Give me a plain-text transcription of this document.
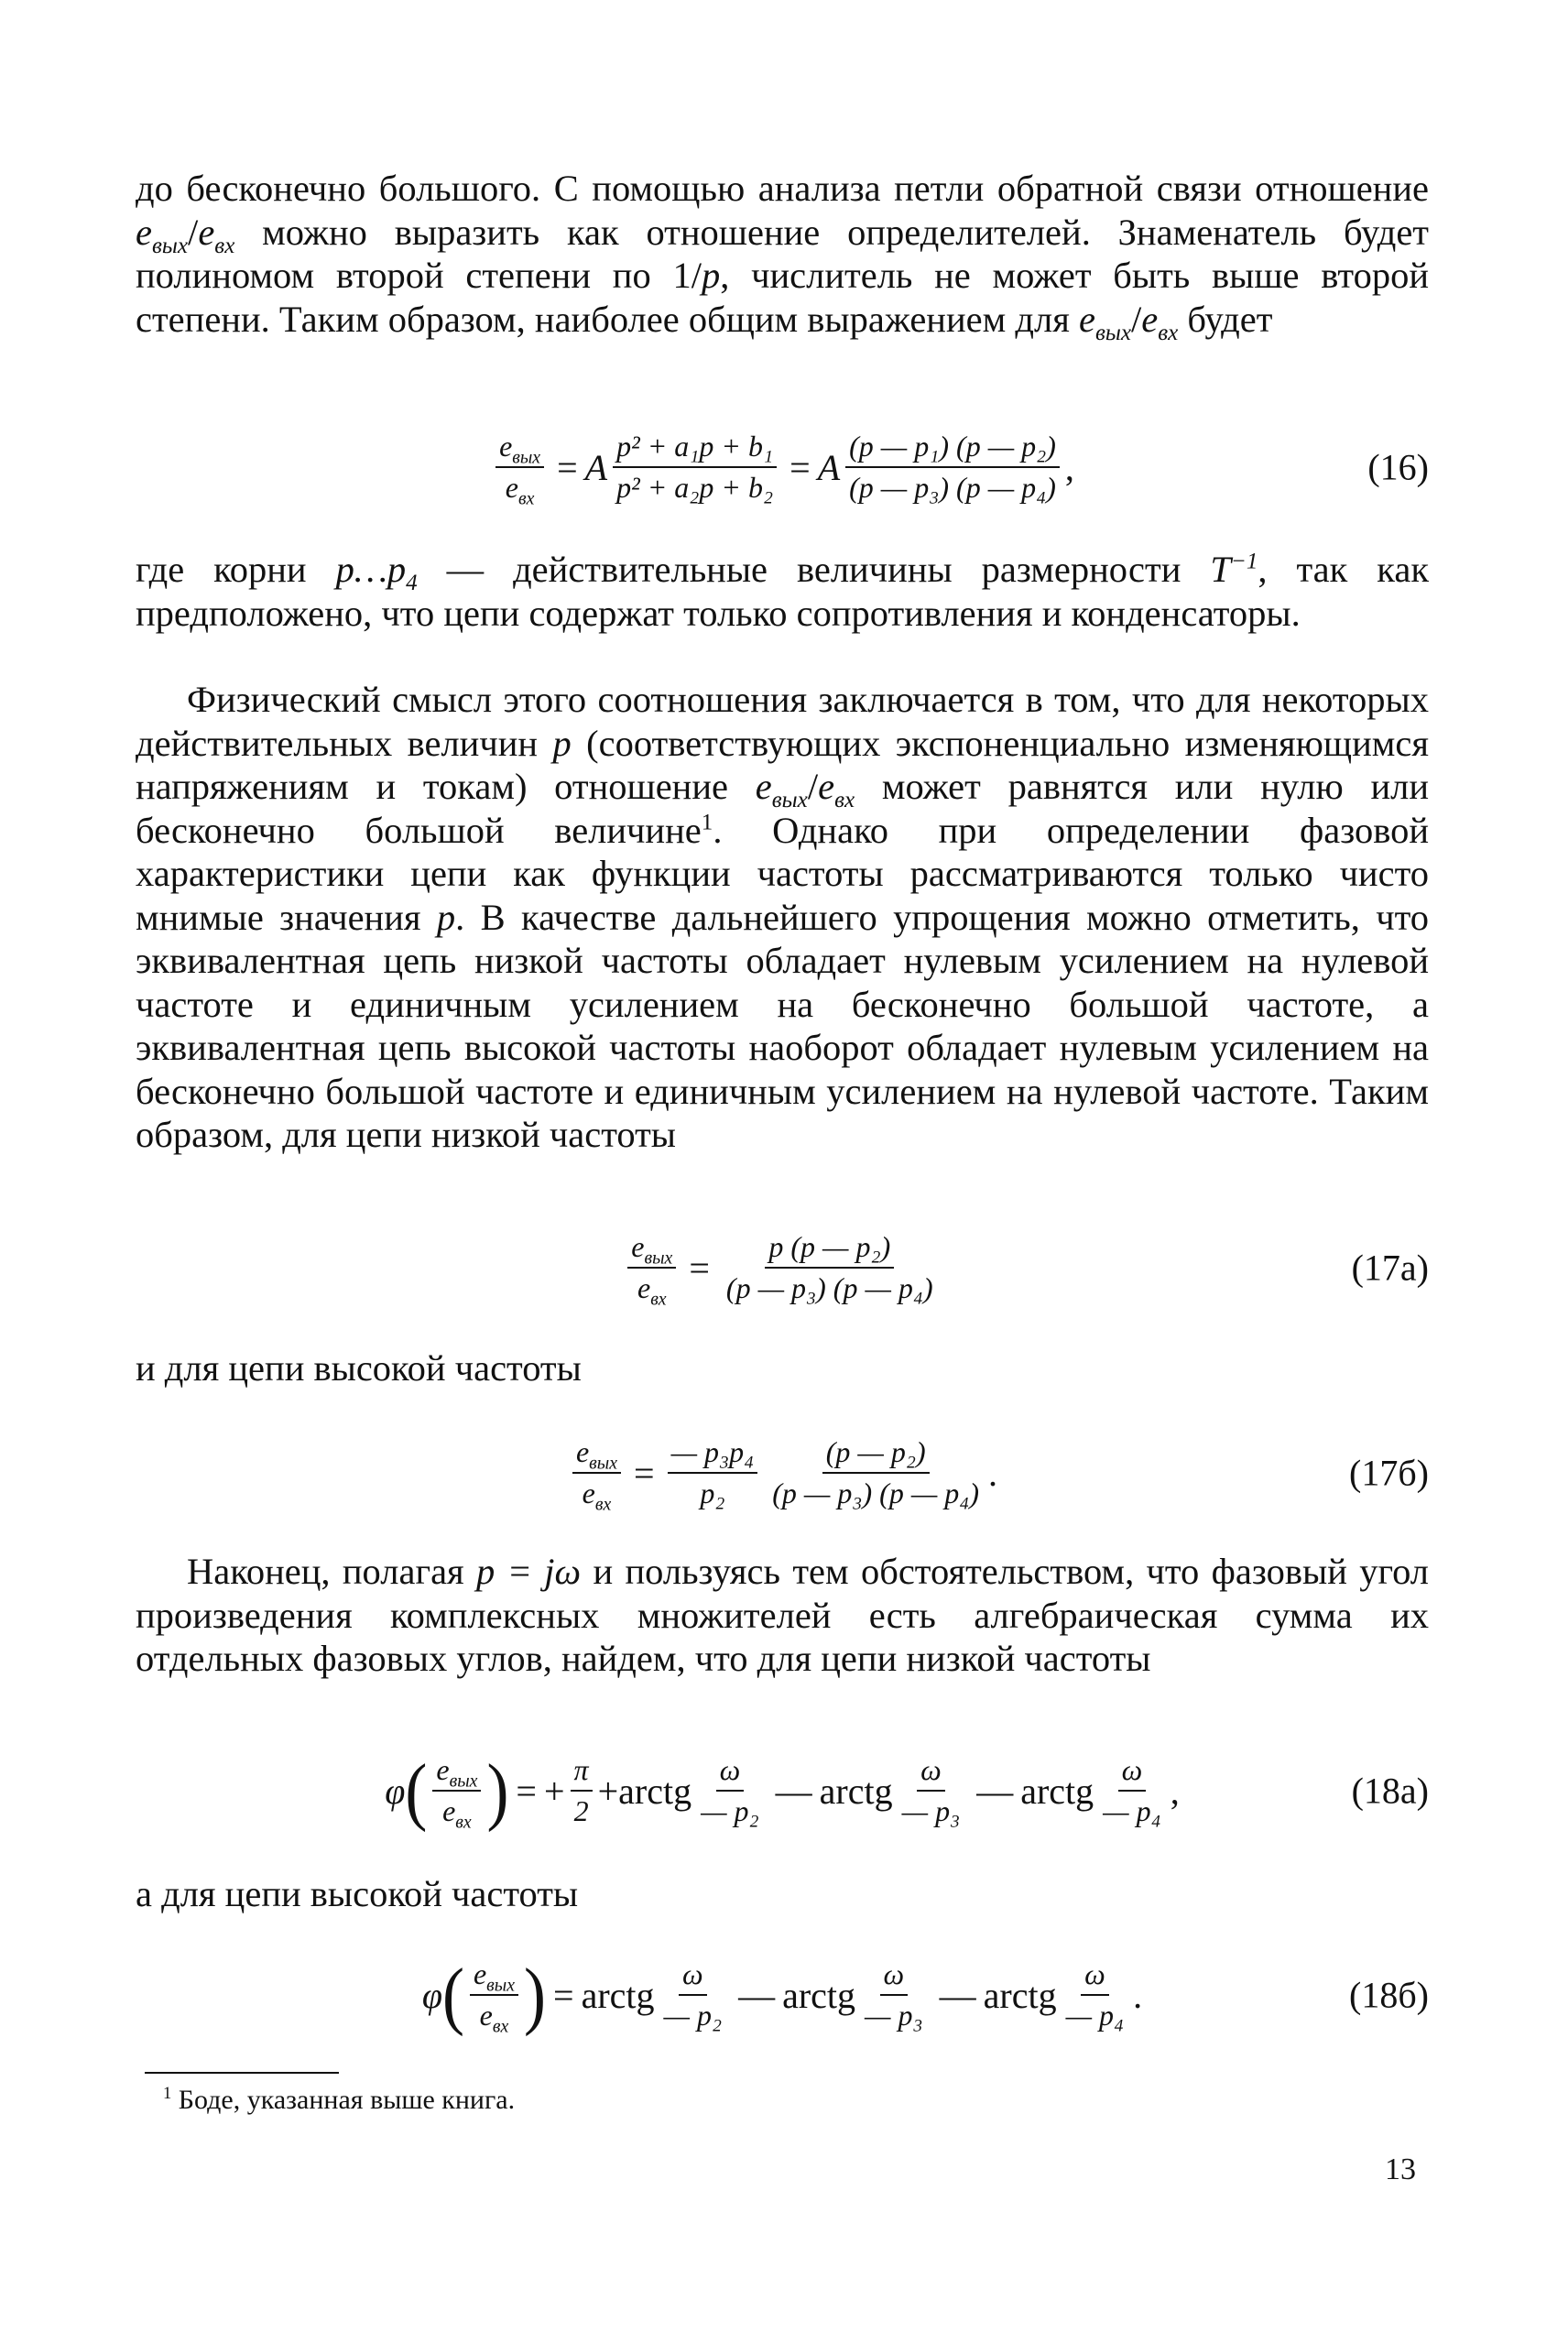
до бесконечно большого. С помощью анализа петли обратной связи отношение $e_{вых}/e_{вх}$ можно выразить как отношение определителей. Знаменатель будет полиномом второй степени по 1/p, числитель не может быть выше второй степени. Таким образом, наиболее общим выражением для $e_{вых}/e_{вх}$ будет

$\frac{e_{вых}}{e_{вх}} = A \frac{\text{p² + a₁p + b₁}}{\text{p² + a₂p + b₂}} = A \frac{\text{(p — p₁) (p — p₂)}}{\text{(p — p₃) (p — p₄)}}$ ,	(16)

где корни $p\dots p_4$ — действительные величины размерности $T^{-1}$, так как предположено, что цепи содержат только сопротивления и конденсаторы.

Физический смысл этого соотношения заключается в том, что для некоторых действительных величин p (соответствующих экспоненциально изменяющимся напряжениям и токам) отношение $e_{вых}/e_{вх}$ может равнятся или нулю или бесконечно большой величине$^1$. Однако при определении фазовой характеристики цепи как функции частоты рассматриваются только чисто мнимые значения p. В качестве дальнейшего упрощения можно отметить, что эквивалентная цепь низкой частоты обладает нулевым усилением на нулевой частоте и единичным усилением на бесконечно большой частоте, а эквивалентная цепь высокой частоты наоборот обладает нулевым усилением на бесконечно большой частоте и единичным усилением на нулевой частоте. Таким образом, для цепи низкой частоты

$\frac{e_{вых}}{e_{вх}} = \frac{\text{p (p — p₂)}}{\text{(p — p₃) (p — p₄)}}$	(17а)

и для цепи высокой частоты

$\frac{e_{вых}}{e_{вх}} = \frac{\text{— p₃p₄}}{\text{p₂}} \frac{\text{(p — p₂)}}{\text{(p — p₃) (p — p₄)}}$ .	(17б)

Наконец, полагая p = jω и пользуясь тем обстоятельством, что фазовый угол произведения комплексных множителей есть алгебраическая сумма их отдельных фазовых углов, найдем, что для цепи низкой частоты

φ ( $\frac{e_{вых}}{e_{вх}}$ ) = + $\frac{\pi}{2}$ + arctg $\frac{\omega}{\text{— p₂}}$ — arctg $\frac{\omega}{\text{— p₃}}$ — arctg $\frac{\omega}{\text{— p₄}}$ ,	(18а)

а для цепи высокой частоты

φ ( $\frac{e_{вых}}{e_{вх}}$ ) = arctg $\frac{\omega}{\text{— p₂}}$ — arctg $\frac{\omega}{\text{— p₃}}$ — arctg $\frac{\omega}{\text{— p₄}}$ .	(18б)
$^1$ Боде, указанная выше книга.
13
